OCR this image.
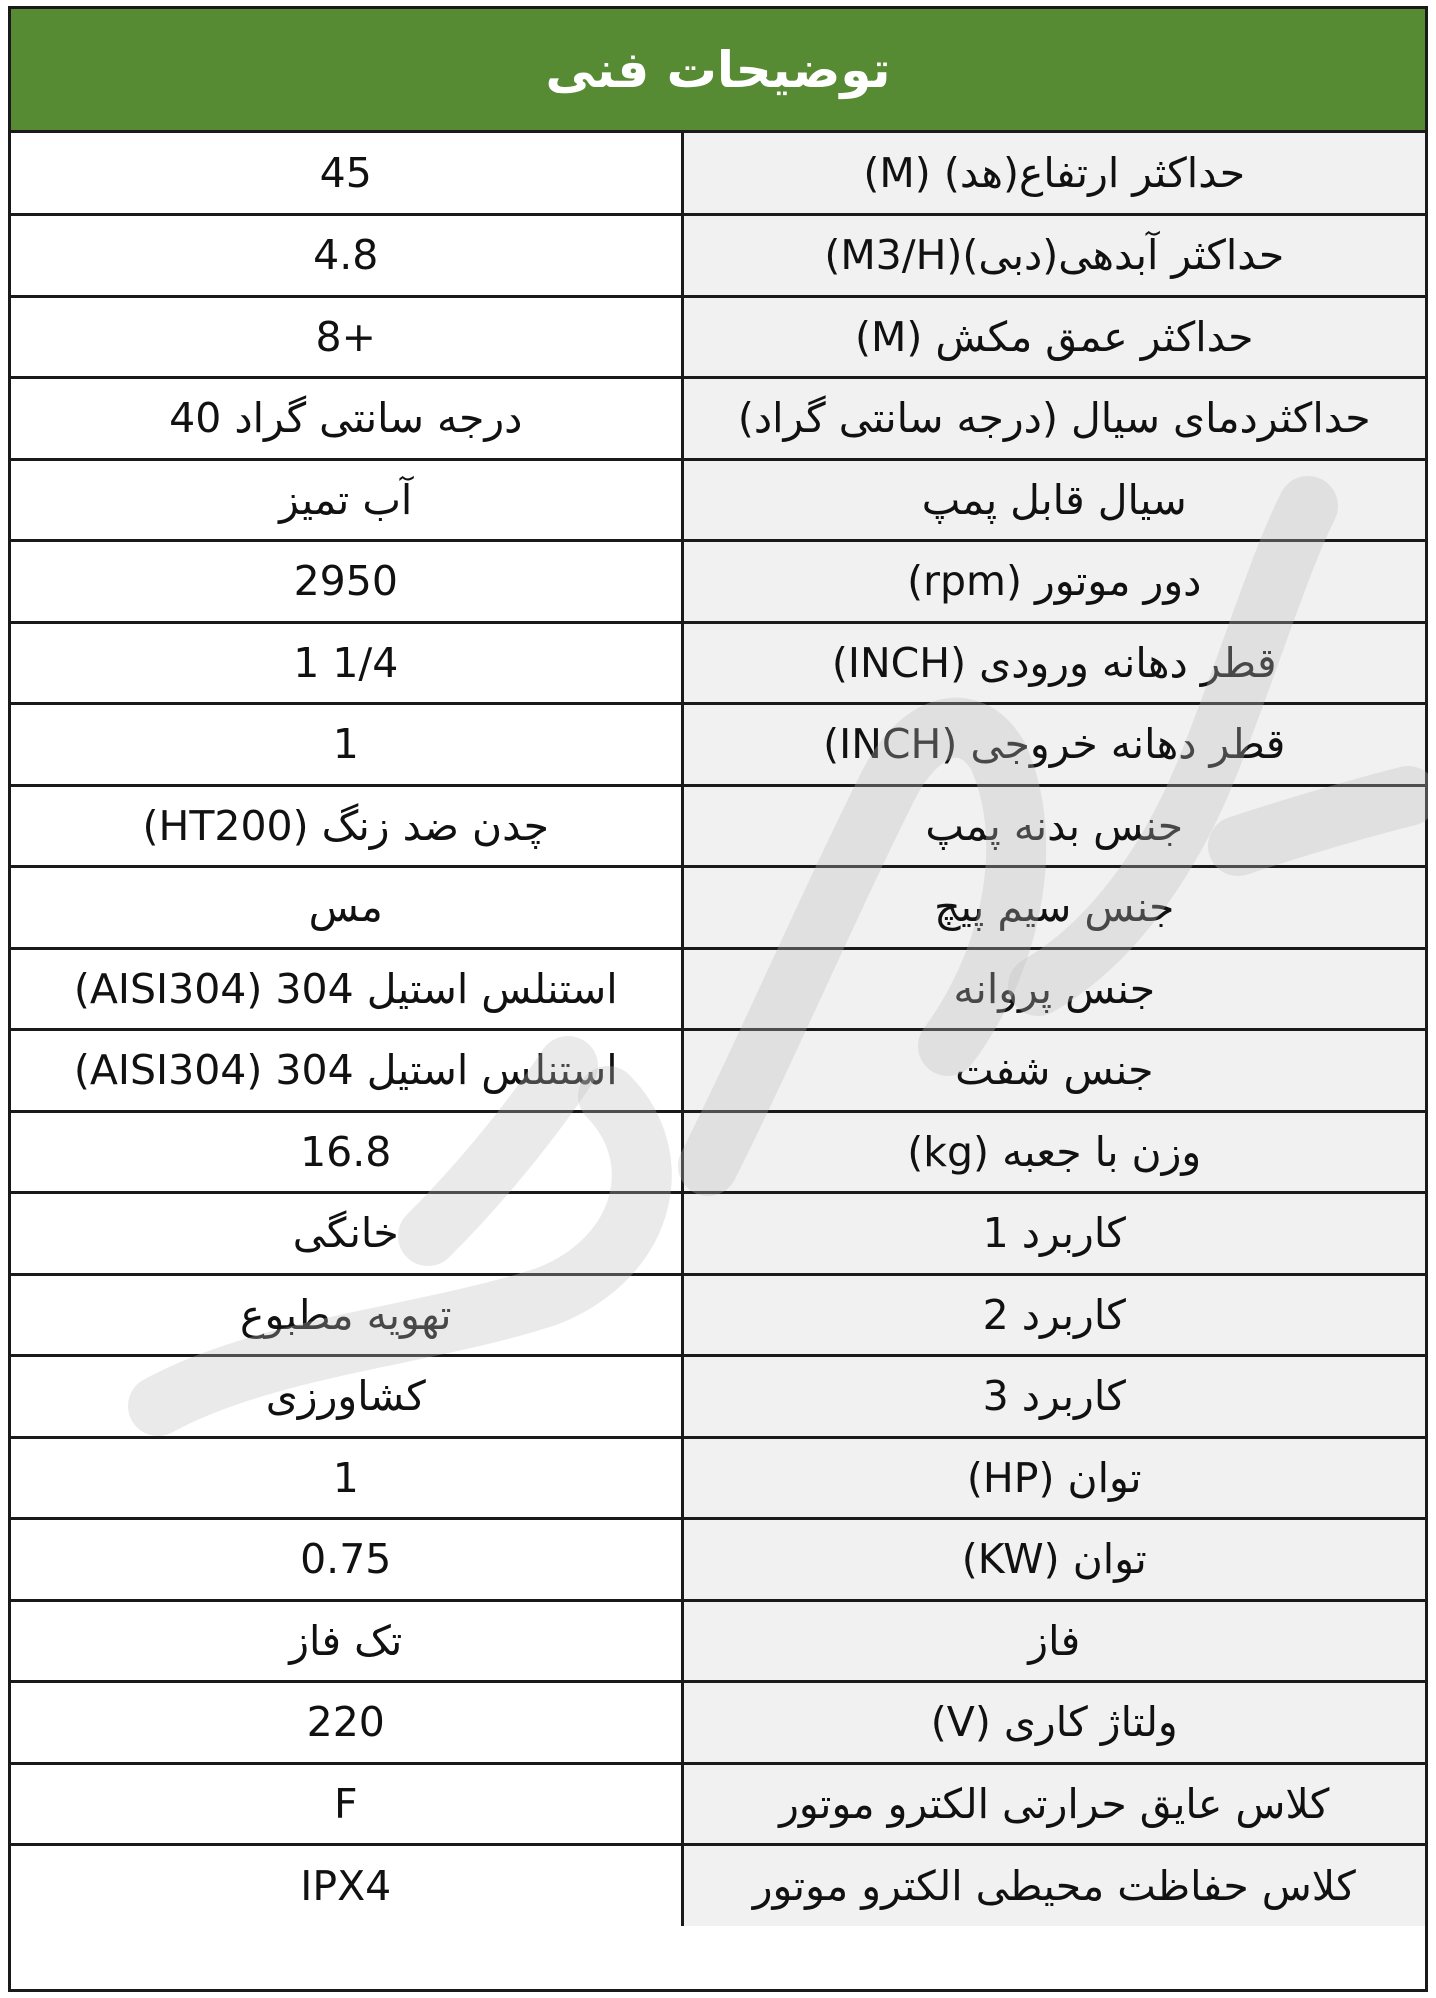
توضیحات فنی
حداکثر ارتفاع(هد) (M)	45
حداکثر آبدهی(دبی)(M3/H)	4.8
حداکثر عمق مکش (M)	+8
حداکثردمای سیال (درجه سانتی گراد)	درجه سانتی گراد 40
سیال قابل پمپ	آب تمیز
دور موتور (rpm)	2950
قطر دهانه ورودی (INCH)	1/4 1
قطر دهانه خروجی (INCH)	1
جنس بدنه پمپ	چدن ضد زنگ (HT200)
جنس سیم پیچ	مس
جنس پروانه	استنلس استیل 304 (AISI304)
جنس شفت	استنلس استیل 304 (AISI304)
وزن با جعبه (kg)	16.8
کاربرد 1	خانگی
کاربرد 2	تهویه مطبوع
کاربرد 3	کشاورزی
توان (HP)	1
توان (KW)	0.75
فاز	تک فاز
ولتاژ کاری (V)	220
کلاس عایق حرارتی الکترو موتور	F
کلاس حفاظت محیطی الکترو موتور	IPX4
